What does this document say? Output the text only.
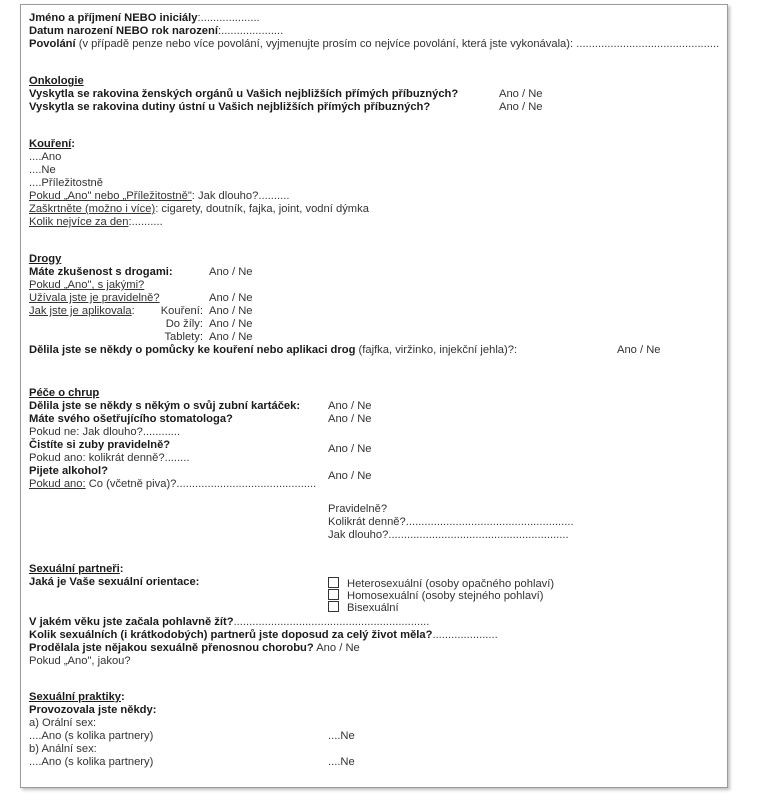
Jméno a příjmení NEBO iniciály:...................
Datum narození NEBO rok narození:....................
Povolání (v případě penze nebo více povolání, vyjmenujte prosím co nejvíce povolání, která jste vykonávala): ..............................................
Onkologie
Vyskytla se rakovina ženských orgánů u Vašich nejbližších přímých příbuzných?	Ano / Ne
Vyskytla se rakovina dutiny ústní u Vašich nejbližších přímých příbuzných?	Ano / Ne
Kouření:
....Ano
....Ne
....Příležitostně
Pokud „Ano" nebo „Příležitostně": Jak dlouho?..........
Zaškrtněte (možno i více): cigarety, doutník, fajka, joint, vodní dýmka
Kolik nejvíce za den:..........
Drogy
Máte zkušenost s drogami:	Ano / Ne
Pokud „Ano", s jakými?
Užívala jste je pravidelně?	Ano / Ne
Jak jste je aplikovala:	Kouření: Ano / Ne
Do žíly: Ano / Ne
Tablety: Ano / Ne
Dělila jste se někdy o pomůcky ke kouření nebo aplikaci drog (fajfka, viržinko, injekční jehla)?:	Ano / Ne
Péče o chrup
Dělila jste se někdy s někým o svůj zubní kartáček: Ano / Ne
Máte svého ošetřujícího stomatologa?	Ano / Ne
Pokud ne: Jak dlouho?............
Čistíte si zuby pravidelně?	Ano / Ne
Pokud ano: kolikrát denně?........
Pijete alkohol?	Ano / Ne
Pokud ano: Co (včetně piva)?.............................................
Pravidelně?
Kolikrát denně?......................................................
Jak dlouho?..........................................................
Sexuální partneři:
Jaká je Vaše sexuální orientace:	Heterosexuální (osoby opačného pohlaví)
Homosexuální (osoby stejného pohlaví)
Bisexuální
V jakém věku jste začala pohlavně žít?...............................................................
Kolik sexuálních (i krátkodobých) partnerů jste doposud za celý život měla?.....................
Prodělala jste nějakou sexuálně přenosnou chorobu? Ano / Ne
Pokud „Ano", jakou?
Sexuální praktiky:
Provozovala jste někdy:
a) Orální sex:
....Ano (s kolika partnery)	....Ne
b) Anální sex:
....Ano (s kolika partnery)	....Ne
